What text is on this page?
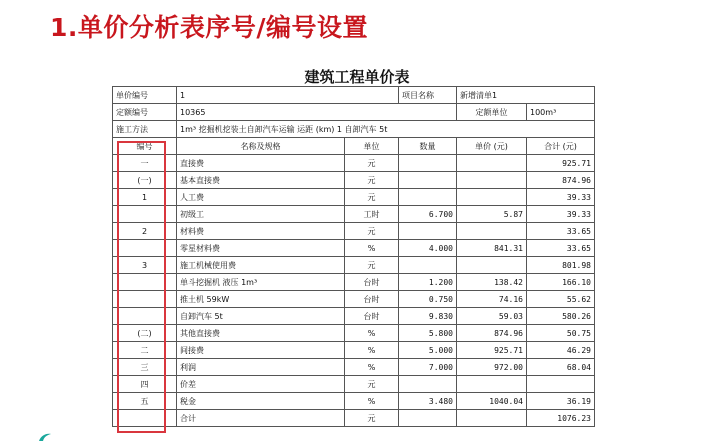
1.单价分析表序号/编号设置
建筑工程单价表
单价编号	1		项目名称	新增清单1	
定额编号	10365			定额单位	100m³
施工方法	1m³ 挖掘机挖装土自卸汽车运输 运距 (km) 1 自卸汽车 5t				
编号	名称及规格	单位	数量	单价 (元)	合计 (元)
一	直接费	元			925.71
(一)	基本直接费	元			874.96
1	人工费	元			39.33
	初级工	工时	6.700	5.87	39.33
2	材料费	元			33.65
	零星材料费	%	4.000	841.31	33.65
3	施工机械使用费	元			801.98
	单斗挖掘机 液压 1m³	台时	1.200	138.42	166.10
	推土机 59kW	台时	0.750	74.16	55.62
	自卸汽车 5t	台时	9.830	59.03	580.26
(二)	其他直接费	%	5.800	874.96	50.75
二	间接费	%	5.000	925.71	46.29
三	利润	%	7.000	972.00	68.04
四	价差	元			
五	税金	%	3.480	1040.04	36.19
	合计	元			1076.23
